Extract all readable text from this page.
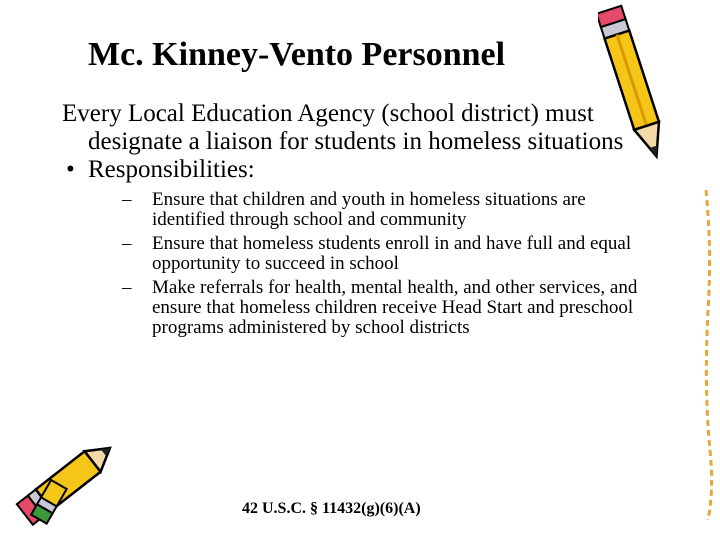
Mc. Kinney-Vento Personnel

Every Local Education Agency (school district) must designate a liaison for students in homeless situations

• Responsibilities:

– Ensure that children and youth in homeless situations are identified through school and community
– Ensure that homeless students enroll in and have full and equal opportunity to succeed in school
– Make referrals for health, mental health, and other services, and ensure that homeless children receive Head Start and preschool programs administered by school districts
42 U.S.C. § 11432(g)(6)(A)
